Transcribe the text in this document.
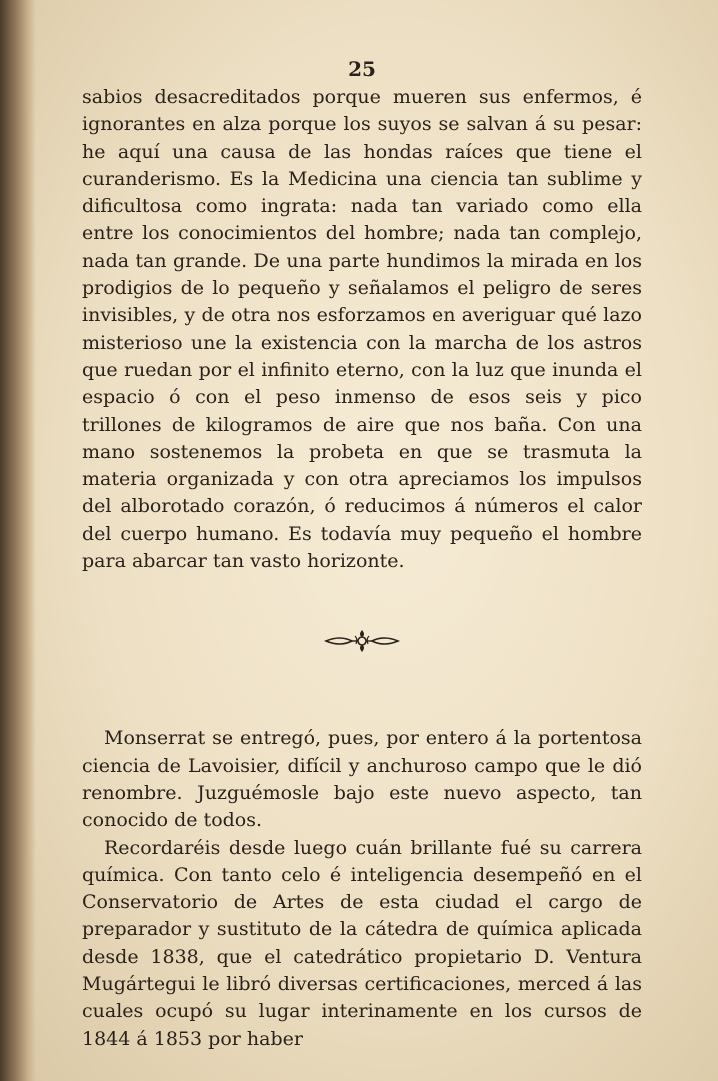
25

sabios desacreditados porque mueren sus enfermos, é ignorantes en alza porque los suyos se salvan á su pesar: he aquí una causa de las hondas raíces que tiene el curanderismo. Es la Medicina una ciencia tan sublime y dificultosa como ingrata: nada tan variado como ella entre los conocimientos del hombre; nada tan complejo, nada tan grande. De una parte hundimos la mirada en los prodigios de lo pequeño y señalamos el peligro de seres invisibles, y de otra nos esforzamos en averiguar qué lazo misterioso une la existencia con la marcha de los astros que ruedan por el infinito eterno, con la luz que inunda el espacio ó con el peso inmenso de esos seis y pico trillones de kilogramos de aire que nos baña. Con una mano sostenemos la probeta en que se trasmuta la materia organizada y con otra apreciamos los impulsos del alborotado corazón, ó reducimos á números el calor del cuerpo humano. Es todavía muy pequeño el hombre para abarcar tan vasto horizonte.

Monserrat se entregó, pues, por entero á la portentosa ciencia de Lavoisier, difícil y anchuroso campo que le dió renombre. Juzguémosle bajo este nuevo aspecto, tan conocido de todos.

Recordaréis desde luego cuán brillante fué su carrera química. Con tanto celo é inteligencia desempeñó en el Conservatorio de Artes de esta ciudad el cargo de preparador y sustituto de la cátedra de química aplicada desde 1838, que el catedrático propietario D. Ventura Mugártegui le libró diversas certificaciones, merced á las cuales ocupó su lugar interinamente en los cursos de 1844 á 1853 por haber
